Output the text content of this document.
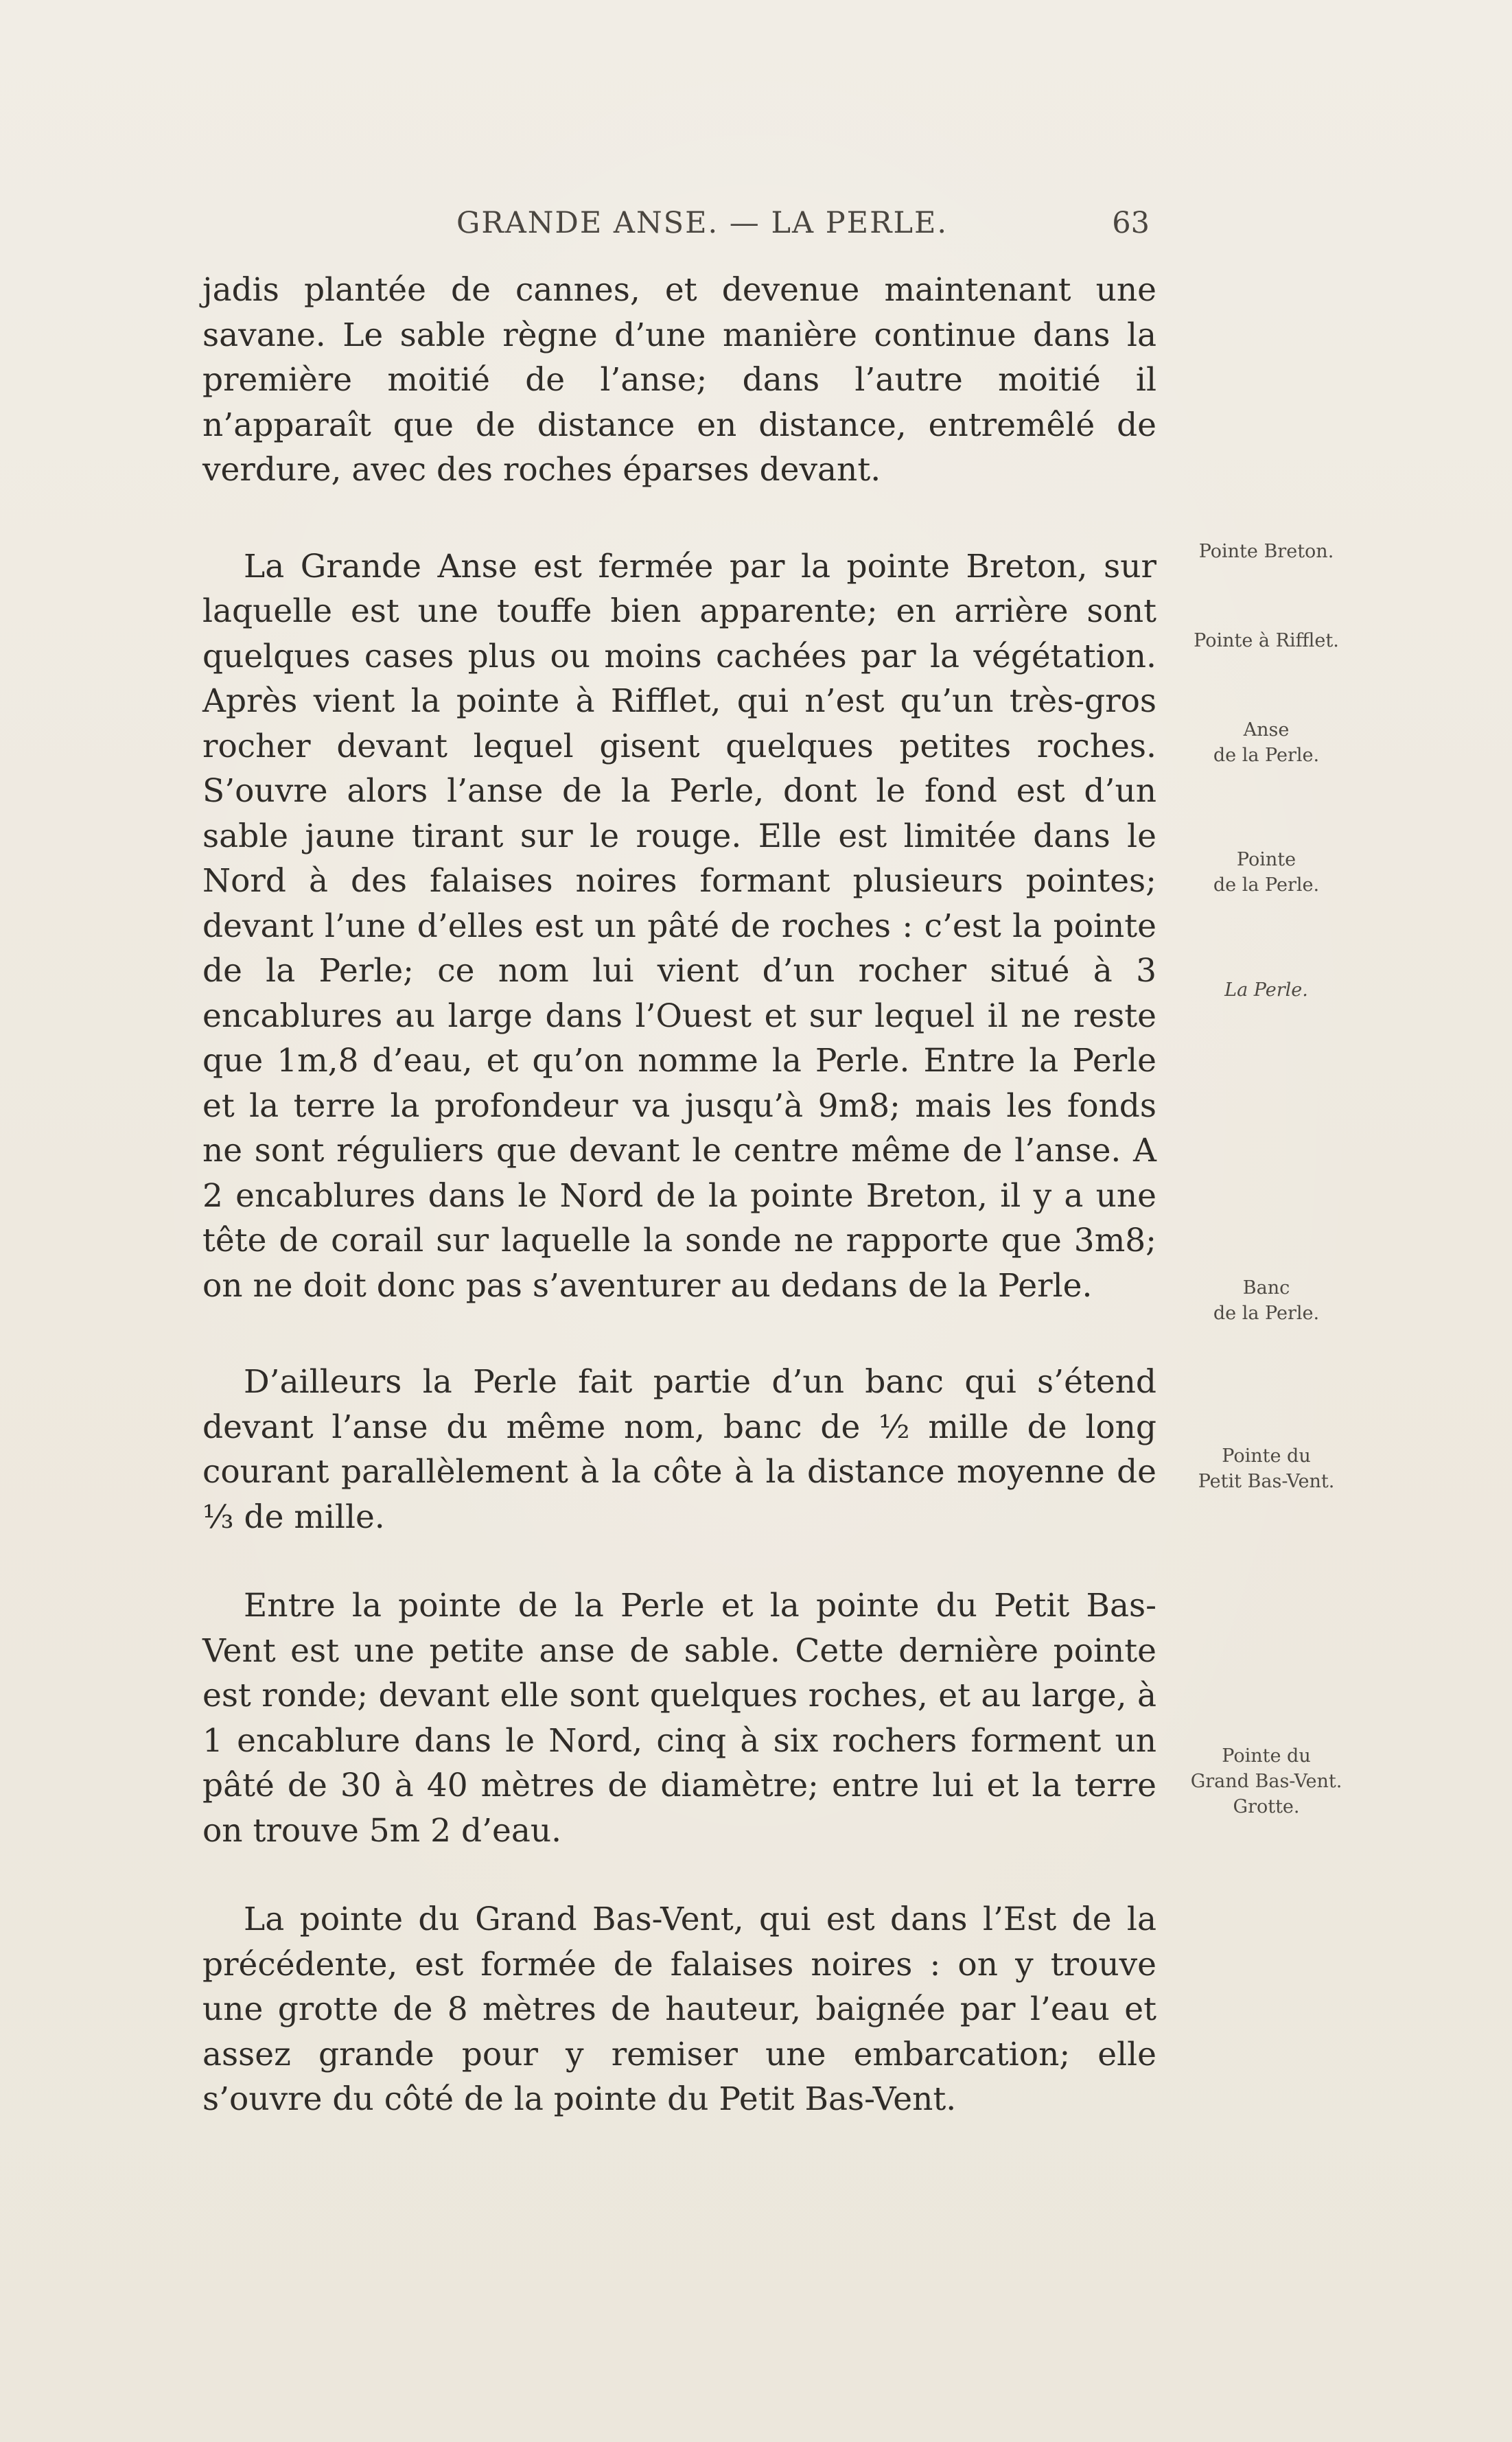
GRANDE ANSE. — LA PERLE.	63

jadis plantée de cannes, et devenue maintenant une savane. Le sable règne d’une manière continue dans la première moitié de l’anse; dans l’autre moitié il n’apparaît que de distance en distance, entremêlé de verdure, avec des roches éparses devant.

La Grande Anse est fermée par la pointe Breton, sur laquelle est une touffe bien apparente; en arrière sont quelques cases plus ou moins cachées par la végétation. Après vient la pointe à Rifflet, qui n’est qu’un très-gros rocher devant lequel gisent quelques petites roches. S’ouvre alors l’anse de la Perle, dont le fond est d’un sable jaune tirant sur le rouge. Elle est limitée dans le Nord à des falaises noires formant plusieurs pointes; devant l’une d’elles est un pâté de roches : c’est la pointe de la Perle; ce nom lui vient d’un rocher situé à 3 encablures au large dans l’Ouest et sur lequel il ne reste que 1m,8 d’eau, et qu’on nomme la Perle. Entre la Perle et la terre la profondeur va jusqu’à 9m8; mais les fonds ne sont réguliers que devant le centre même de l’anse. A 2 encablures dans le Nord de la pointe Breton, il y a une tête de corail sur laquelle la sonde ne rapporte que 3m8; on ne doit donc pas s’aventurer au dedans de la Perle.

D’ailleurs la Perle fait partie d’un banc qui s’étend devant l’anse du même nom, banc de ½ mille de long courant parallèlement à la côte à la distance moyenne de ⅓ de mille.

Entre la pointe de la Perle et la pointe du Petit Bas-Vent est une petite anse de sable. Cette dernière pointe est ronde; devant elle sont quelques roches, et au large, à 1 encablure dans le Nord, cinq à six rochers forment un pâté de 30 à 40 mètres de diamètre; entre lui et la terre on trouve 5m 2 d’eau.

La pointe du Grand Bas-Vent, qui est dans l’Est de la précédente, est formée de falaises noires : on y trouve une grotte de 8 mètres de hauteur, baignée par l’eau et assez grande pour y remiser une embarcation; elle s’ouvre du côté de la pointe du Petit Bas-Vent.

Pointe Breton.
Pointe à Rifflet.
Anse
de la Perle.
Pointe
de la Perle.
La Perle.
Banc
de la Perle.
Pointe du
Petit Bas-Vent.
Pointe du
Grand Bas-Vent.
Grotte.
